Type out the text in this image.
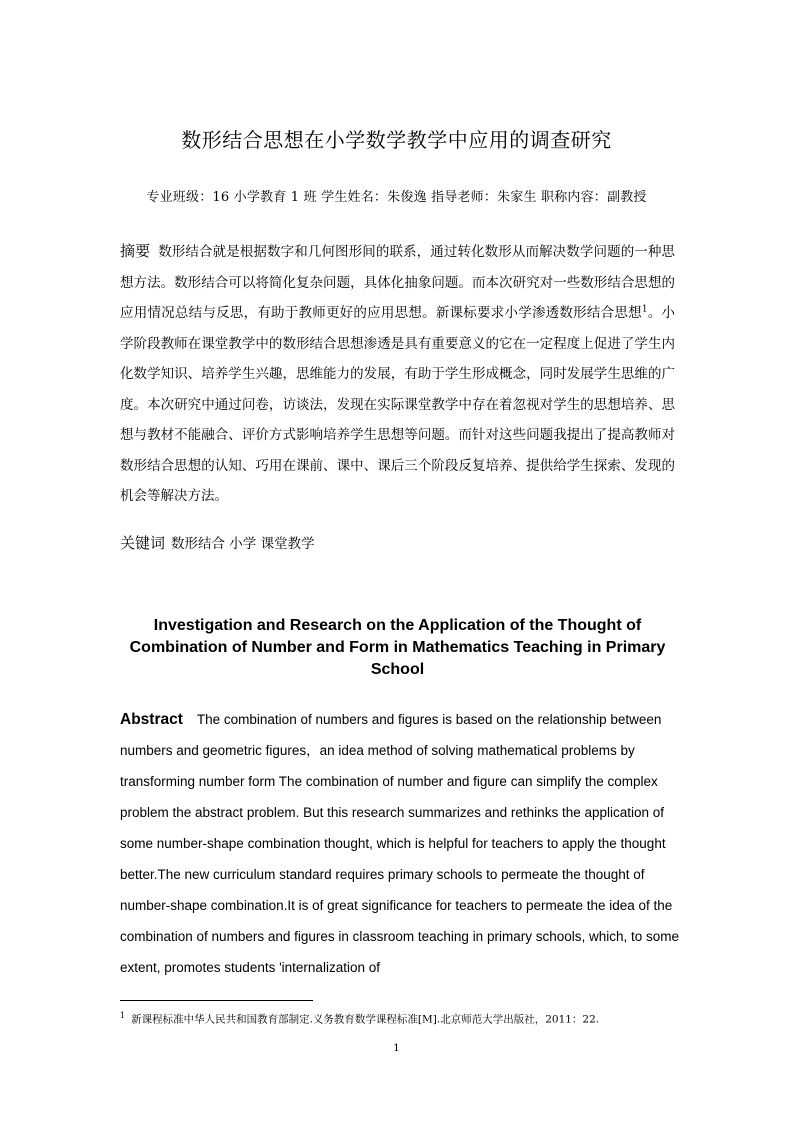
数形结合思想在小学数学教学中应用的调查研究
专业班级：16 小学教育 1 班 学生姓名：朱俊逸 指导老师：朱家生 职称内容：副教授

摘要 数形结合就是根据数字和几何图形间的联系，通过转化数形从而解决数学问题的一种思想方法。数形结合可以将简化复杂问题，具体化抽象问题。而本次研究对一些数形结合思想的应用情况总结与反思，有助于教师更好的应用思想。新课标要求小学渗透数形结合思想$^1$。小学阶段教师在课堂教学中的数形结合思想渗透是具有重要意义的它在一定程度上促进了学生内化数学知识、培养学生兴趣，思维能力的发展，有助于学生形成概念，同时发展学生思维的广度。本次研究中通过问卷，访谈法，发现在实际课堂教学中存在着忽视对学生的思想培养、思想与教材不能融合、评价方式影响培养学生思想等问题。而针对这些问题我提出了提高教师对数形结合思想的认知、巧用在课前、课中、课后三个阶段反复培养、提供给学生探索、发现的机会等解决方法。

关键词 数形结合 小学 课堂教学

Investigation and Research on the Application of the Thought of Combination of Number and Form in Mathematics Teaching in Primary School

Abstract The combination of numbers and figures is based on the relationship between numbers and geometric figures，an idea method of solving mathematical problems by transforming number form The combination of number and figure can simplify the complex problem the abstract problem. But this research summarizes and rethinks the application of some number-shape combination thought, which is helpful for teachers to apply the thought better.The new curriculum standard requires primary schools to permeate the thought of number-shape combination.It is of great significance for teachers to permeate the idea of the combination of numbers and figures in classroom teaching in primary schools, which, to some extent, promotes students 'internalization of

$^1$ 新课程标准中华人民共和国教育部制定.义务教育数学课程标准[M].北京师范大学出版社，2011：22.
1
